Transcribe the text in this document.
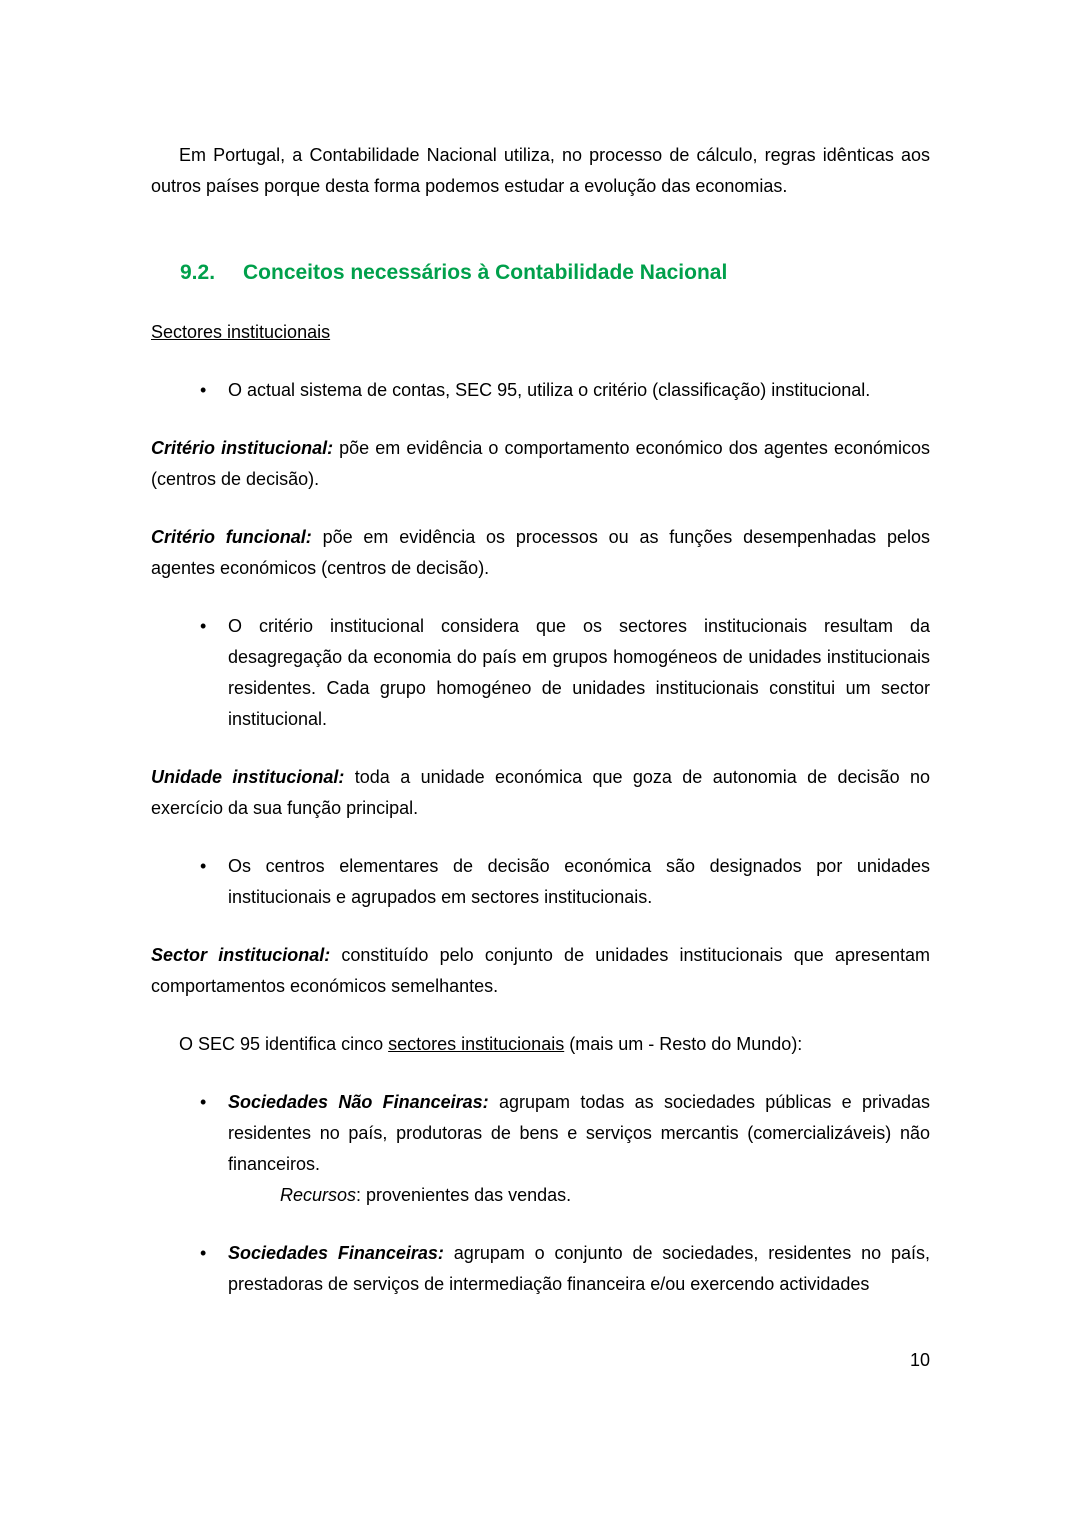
Em Portugal, a Contabilidade Nacional utiliza, no processo de cálculo, regras idênticas aos outros países porque desta forma podemos estudar a evolução das economias.

9.2. Conceitos necessários à Contabilidade Nacional

Sectores institucionais

•	O actual sistema de contas, SEC 95, utiliza o critério (classificação) institucional.

Critério institucional: põe em evidência o comportamento económico dos agentes económicos (centros de decisão).

Critério funcional: põe em evidência os processos ou as funções desempenhadas pelos agentes económicos (centros de decisão).

•	O critério institucional considera que os sectores institucionais resultam da desagregação da economia do país em grupos homogéneos de unidades institucionais residentes. Cada grupo homogéneo de unidades institucionais constitui um sector institucional.

Unidade institucional: toda a unidade económica que goza de autonomia de decisão no exercício da sua função principal.

•	Os centros elementares de decisão económica são designados por unidades institucionais e agrupados em sectores institucionais.

Sector institucional: constituído pelo conjunto de unidades institucionais que apresentam comportamentos económicos semelhantes.

O SEC 95 identifica cinco sectores institucionais (mais um - Resto do Mundo):

•	Sociedades Não Financeiras: agrupam todas as sociedades públicas e privadas residentes no país, produtoras de bens e serviços mercantis (comercializáveis) não financeiros.
Recursos: provenientes das vendas.
•	Sociedades Financeiras: agrupam o conjunto de sociedades, residentes no país, prestadoras de serviços de intermediação financeira e/ou exercendo actividades
10
